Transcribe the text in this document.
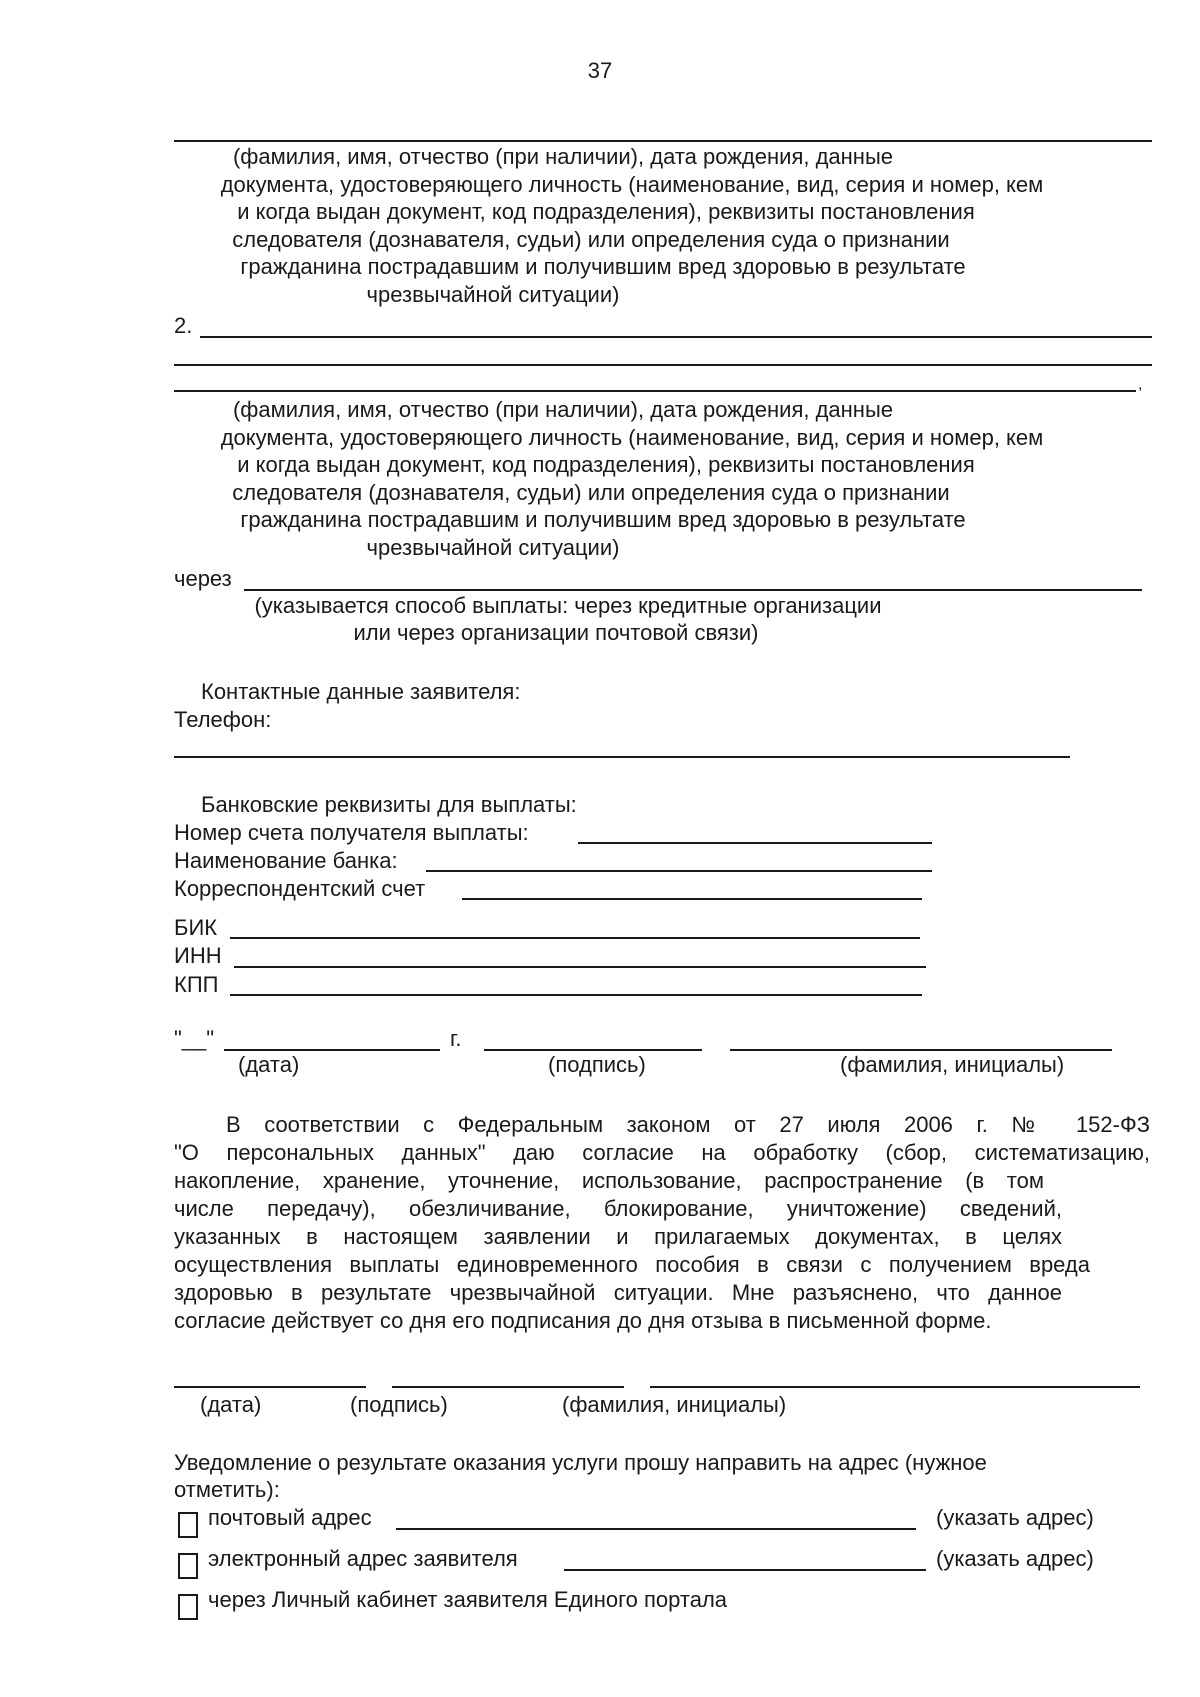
37
(фамилия, имя, отчество (при наличии), дата рождения, данные
документа, удостоверяющего личность (наименование, вид, серия и номер, кем
и когда выдан документ, код подразделения), реквизиты постановления
следователя (дознавателя, судьи) или определения суда о признании
гражданина пострадавшим и получившим вред здоровью в результате
чрезвычайной ситуации)
2.
,
(фамилия, имя, отчество (при наличии), дата рождения, данные
документа, удостоверяющего личность (наименование, вид, серия и номер, кем
и когда выдан документ, код подразделения), реквизиты постановления
следователя (дознавателя, судьи) или определения суда о признании
гражданина пострадавшим и получившим вред здоровью в результате
чрезвычайной ситуации)
через
(указывается способ выплаты: через кредитные организации
или через организации почтовой связи)
Контактные данные заявителя:
Телефон:
Банковские реквизиты для выплаты:
Номер счета получателя выплаты:
Наименование банка:
Корреспондентский счет
БИК
ИНН
КПП
"__"	г.
(дата)	(подпись)	(фамилия, инициалы)
В соответствии с Федеральным законом от 27 июля 2006 г. № 152-ФЗ
"О персональных данных" даю согласие на обработку (сбор, систематизацию,
накопление, хранение, уточнение, использование, распространение (в том
числе передачу), обезличивание, блокирование, уничтожение) сведений,
указанных в настоящем заявлении и прилагаемых документах, в целях
осуществления выплаты единовременного пособия в связи с получением вреда
здоровью в результате чрезвычайной ситуации. Мне разъяснено, что данное
согласие действует со дня его подписания до дня отзыва в письменной форме.
(дата)	(подпись)	(фамилия, инициалы)
Уведомление о результате оказания услуги прошу направить на адрес (нужное
отметить):
почтовый адрес	(указать адрес)
электронный адрес заявителя	(указать адрес)
через Личный кабинет заявителя Единого портала
